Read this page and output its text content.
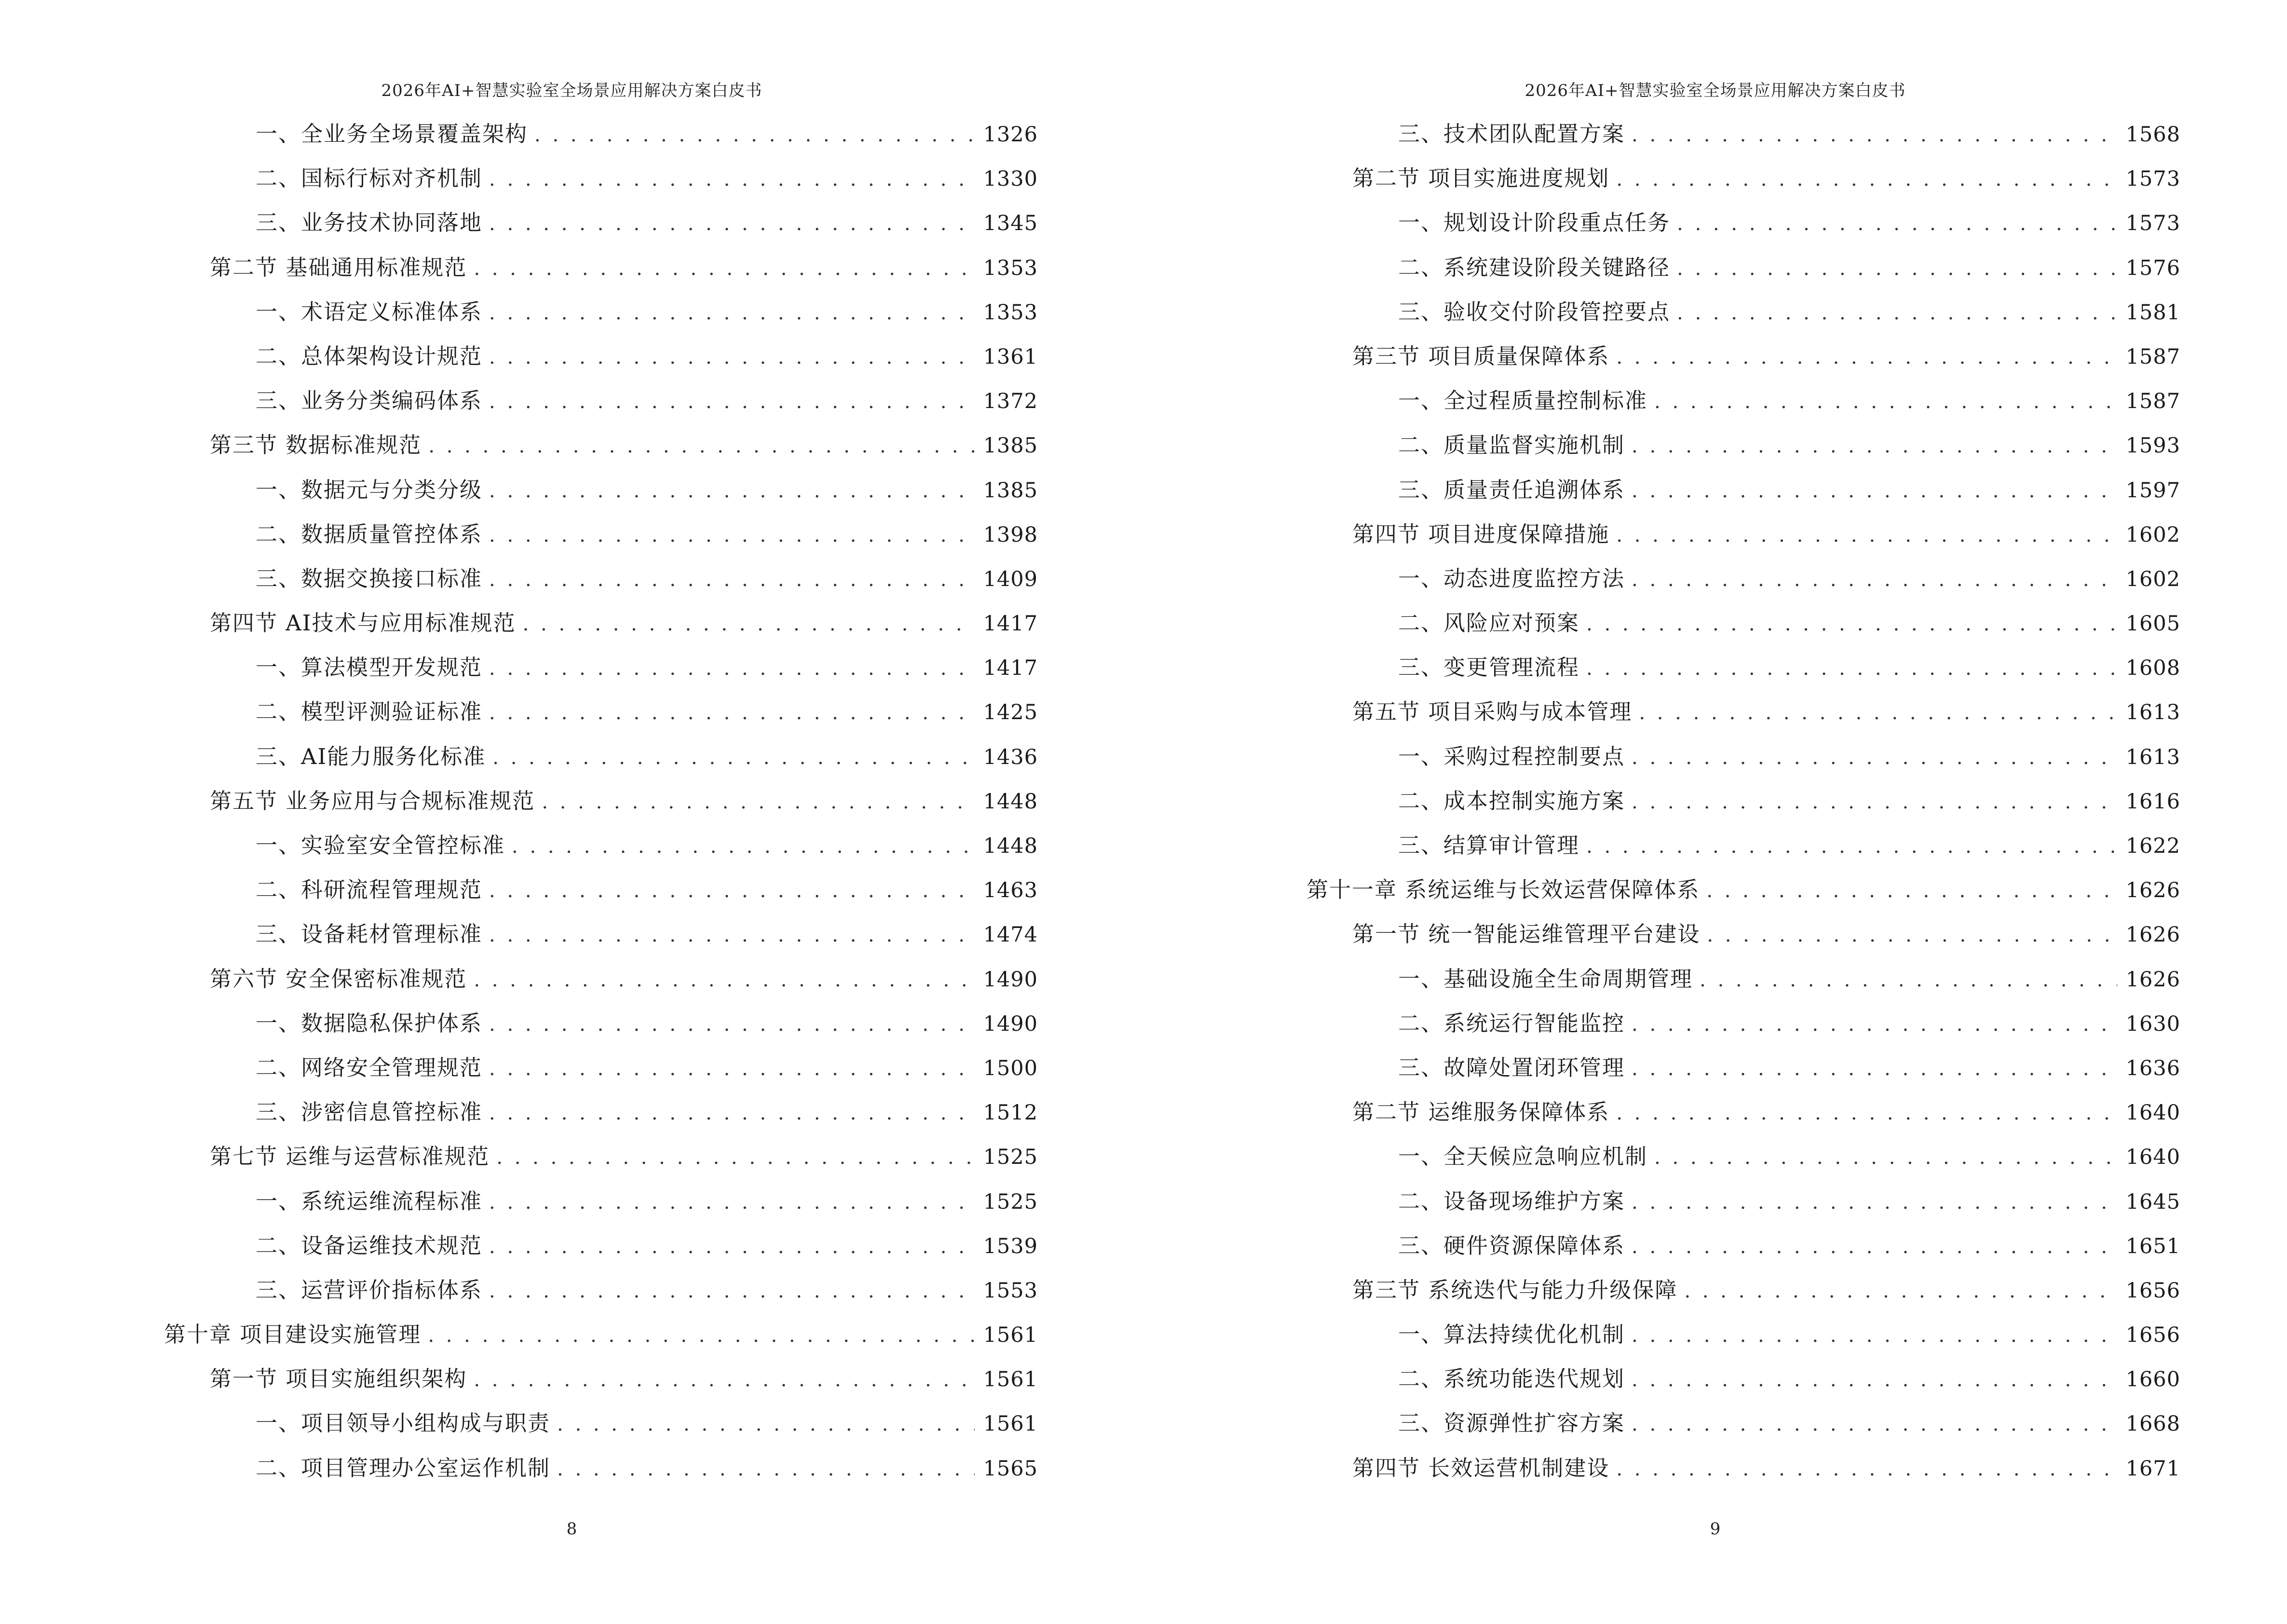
2026年AI+智慧实验室全场景应用解决方案白皮书
一、全业务全场景覆盖架构 . . .	1326
二、国标行标对齐机制 . . .	1330
三、业务技术协同落地 . . .	1345
第二节 基础通用标准规范 . . .	1353
一、术语定义标准体系 . . .	1353
二、总体架构设计规范 . . .	1361
三、业务分类编码体系 . . .	1372
第三节 数据标准规范 . . .	1385
一、数据元与分类分级 . . .	1385
二、数据质量管控体系 . . .	1398
三、数据交换接口标准 . . .	1409
第四节 AI技术与应用标准规范 . . .	1417
一、算法模型开发规范 . . .	1417
二、模型评测验证标准 . . .	1425
三、AI能力服务化标准 . . .	1436
第五节 业务应用与合规标准规范 . . .	1448
一、实验室安全管控标准 . . .	1448
二、科研流程管理规范 . . .	1463
三、设备耗材管理标准 . . .	1474
第六节 安全保密标准规范 . . .	1490
一、数据隐私保护体系 . . .	1490
二、网络安全管理规范 . . .	1500
三、涉密信息管控标准 . . .	1512
第七节 运维与运营标准规范 . . .	1525
一、系统运维流程标准 . . .	1525
二、设备运维技术规范 . . .	1539
三、运营评价指标体系 . . .	1553
第十章 项目建设实施管理 . . .	1561
第一节 项目实施组织架构 . . .	1561
一、项目领导小组构成与职责 . . .	1561
二、项目管理办公室运作机制 . . .	1565
8
2026年AI+智慧实验室全场景应用解决方案白皮书
三、技术团队配置方案 . . .	1568
第二节 项目实施进度规划 . . .	1573
一、规划设计阶段重点任务 . . .	1573
二、系统建设阶段关键路径 . . .	1576
三、验收交付阶段管控要点 . . .	1581
第三节 项目质量保障体系 . . .	1587
一、全过程质量控制标准 . . .	1587
二、质量监督实施机制 . . .	1593
三、质量责任追溯体系 . . .	1597
第四节 项目进度保障措施 . . .	1602
一、动态进度监控方法 . . .	1602
二、风险应对预案 . . .	1605
三、变更管理流程 . . .	1608
第五节 项目采购与成本管理 . . .	1613
一、采购过程控制要点 . . .	1613
二、成本控制实施方案 . . .	1616
三、结算审计管理 . . .	1622
第十一章 系统运维与长效运营保障体系 . . .	1626
第一节 统一智能运维管理平台建设 . . .	1626
一、基础设施全生命周期管理 . . .	1626
二、系统运行智能监控 . . .	1630
三、故障处置闭环管理 . . .	1636
第二节 运维服务保障体系 . . .	1640
一、全天候应急响应机制 . . .	1640
二、设备现场维护方案 . . .	1645
三、硬件资源保障体系 . . .	1651
第三节 系统迭代与能力升级保障 . . .	1656
一、算法持续优化机制 . . .	1656
二、系统功能迭代规划 . . .	1660
三、资源弹性扩容方案 . . .	1668
第四节 长效运营机制建设 . . .	1671
9
